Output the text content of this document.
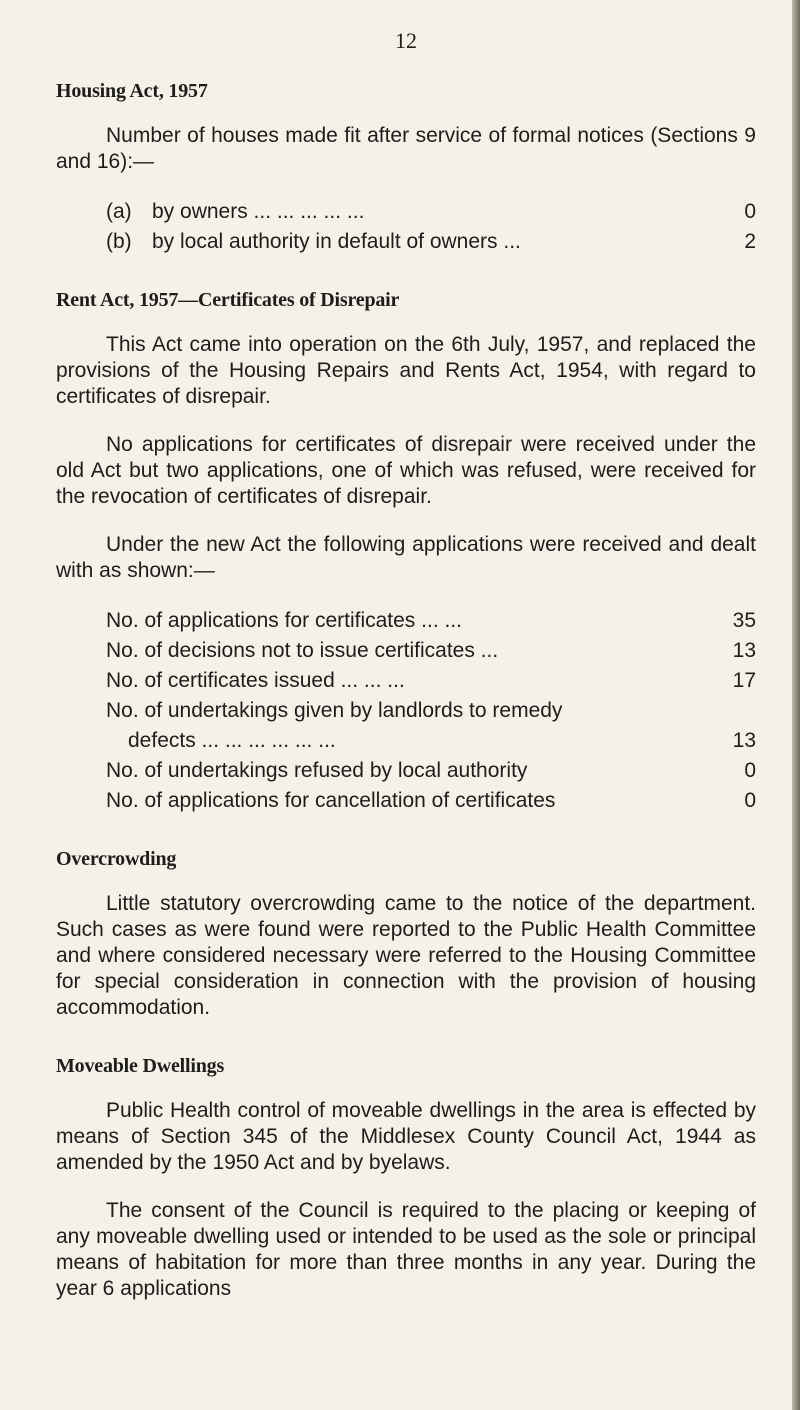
12
Housing Act, 1957

Number of houses made fit after service of formal notices (Sections 9 and 16):—

(a) by owners ... ... ... ... ...	0
(b) by local authority in default of owners ...	2
Rent Act, 1957—Certificates of Disrepair

This Act came into operation on the 6th July, 1957, and replaced the provisions of the Housing Repairs and Rents Act, 1954, with regard to certificates of disrepair.

No applications for certificates of disrepair were received under the old Act but two applications, one of which was refused, were received for the revocation of certificates of disrepair.

Under the new Act the following applications were received and dealt with as shown:—

No. of applications for certificates ... ...	35
No. of decisions not to issue certificates ...	13
No. of certificates issued ... ... ...	17
No. of undertakings given by landlords to remedy
defects ... ... ... ... ... ...	13
No. of undertakings refused by local authority	0
No. of applications for cancellation of certificates	0
Overcrowding

Little statutory overcrowding came to the notice of the department. Such cases as were found were reported to the Public Health Committee and where considered necessary were referred to the Housing Committee for special consideration in connection with the provision of housing accommodation.

Moveable Dwellings

Public Health control of moveable dwellings in the area is effected by means of Section 345 of the Middlesex County Council Act, 1944 as amended by the 1950 Act and by byelaws.

The consent of the Council is required to the placing or keeping of any moveable dwelling used or intended to be used as the sole or principal means of habitation for more than three months in any year. During the year 6 applications
